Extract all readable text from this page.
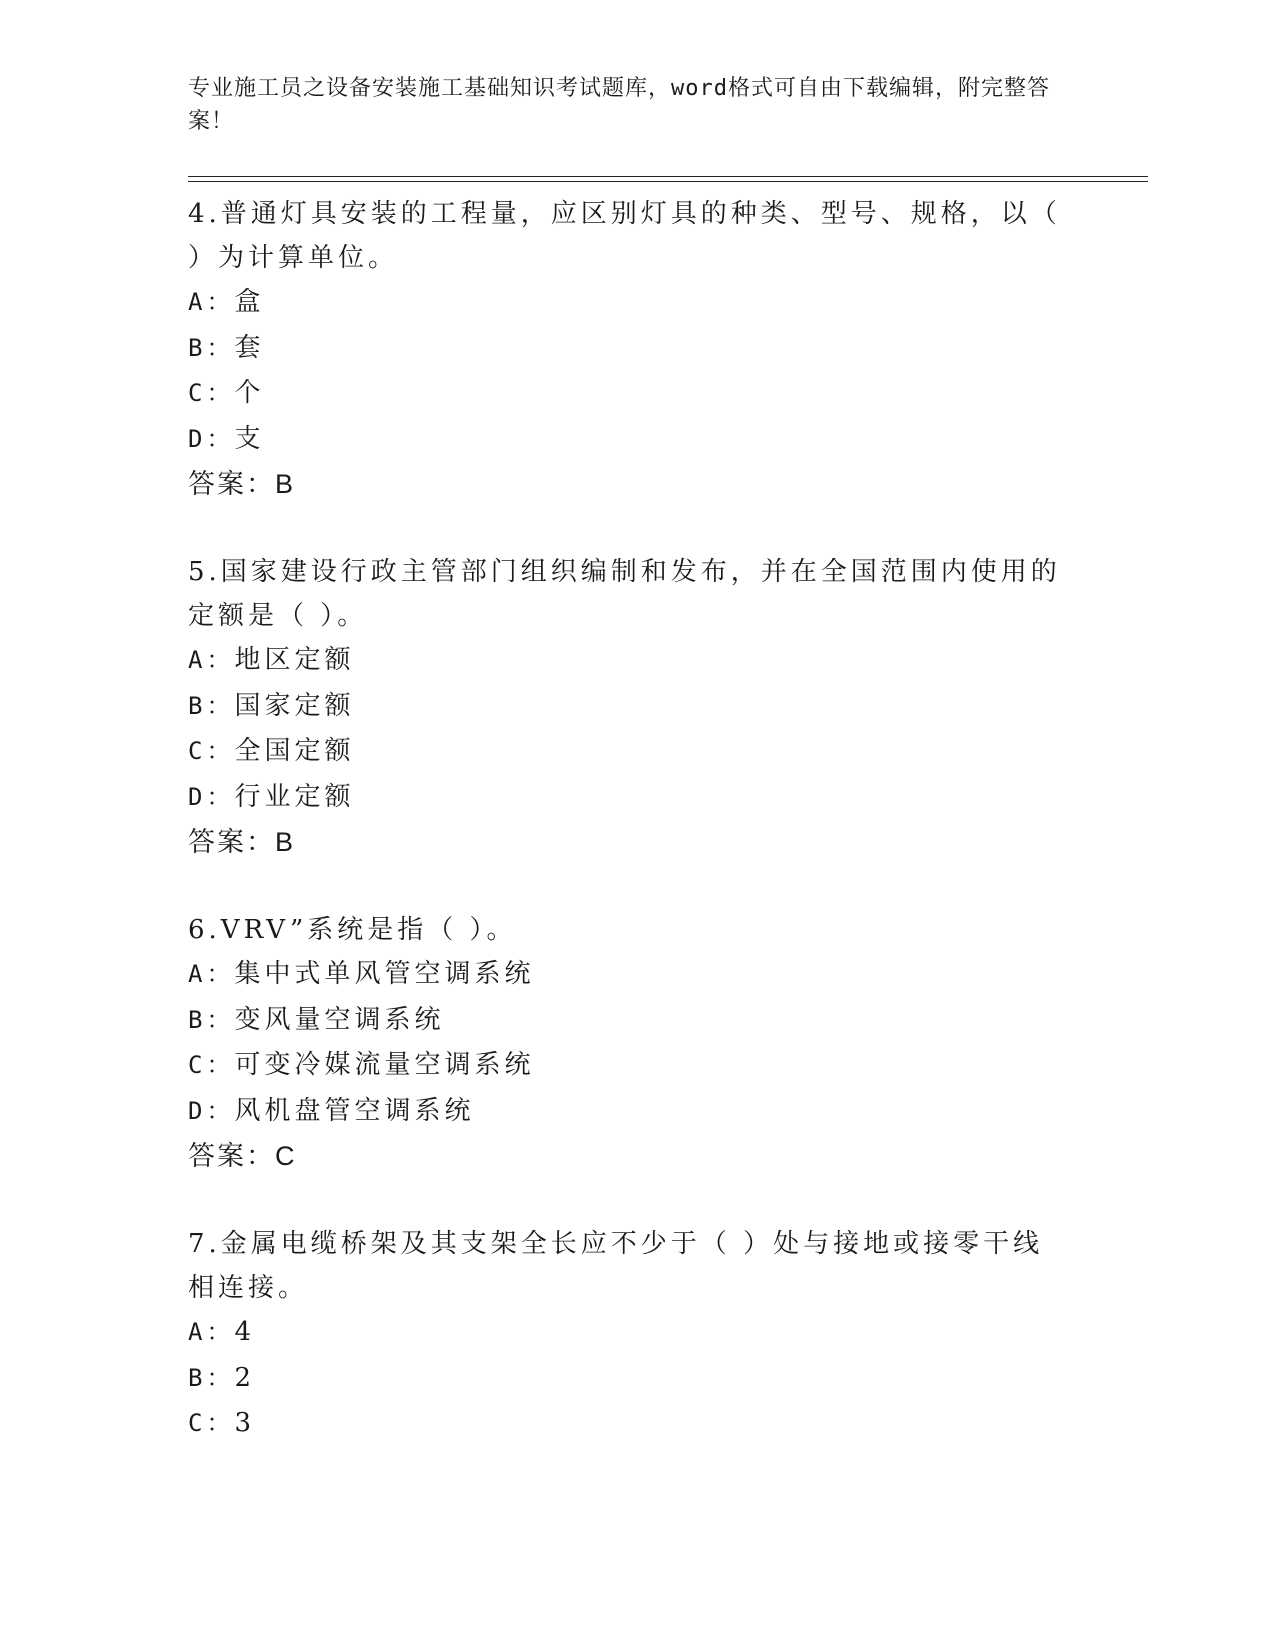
专业施工员之设备安装施工基础知识考试题库，word格式可自由下载编辑，附完整答案！
4.普通灯具安装的工程量，应区别灯具的种类、型号、规格，以（ ）为计算单位。
A：盒
B：套
C：个
D：支
答案：B
5.国家建设行政主管部门组织编制和发布，并在全国范围内使用的定额是（ ）。
A：地区定额
B：国家定额
C：全国定额
D：行业定额
答案：B
6.VRV”系统是指（ ）。
A：集中式单风管空调系统
B：变风量空调系统
C：可变冷媒流量空调系统
D：风机盘管空调系统
答案：C
7.金属电缆桥架及其支架全长应不少于（ ）处与接地或接零干线相连接。
A：4
B：2
C：3
